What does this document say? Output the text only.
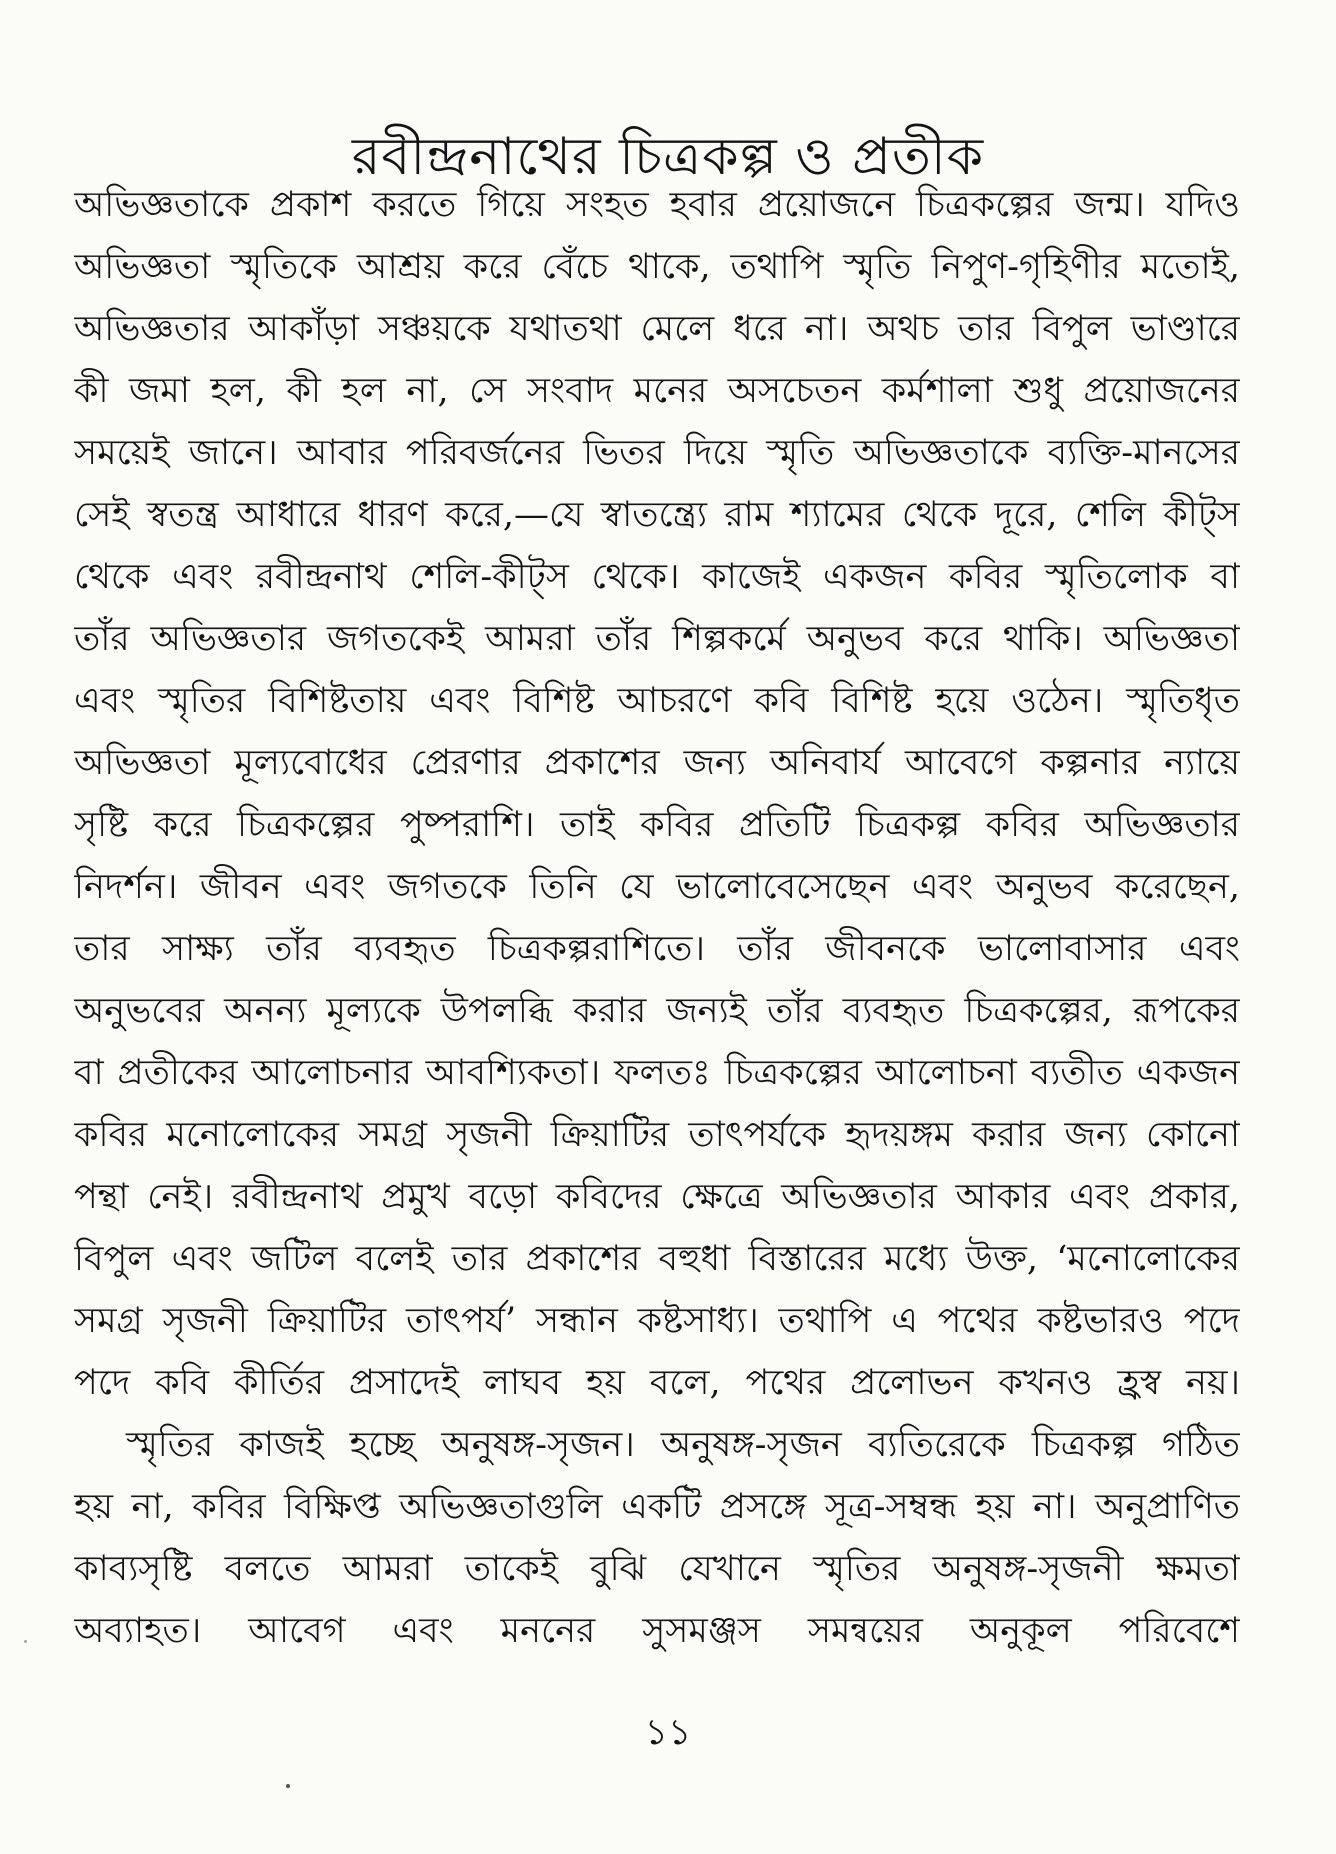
রবীন্দ্রনাথের চিত্রকল্প ও প্রতীক
অভিজ্ঞতাকে প্রকাশ করতে গিয়ে সংহত হবার প্রয়োজনে চিত্রকল্পের জন্ম। যদিও
অভিজ্ঞতা স্মৃতিকে আশ্রয় করে বেঁচে থাকে, তথাপি স্মৃতি নিপুণ-গৃহিণীর মতোই,
অভিজ্ঞতার আকাঁড়া সঞ্চয়কে যথাতথা মেলে ধরে না। অথচ তার বিপুল ভাণ্ডারে
কী জমা হল, কী হল না, সে সংবাদ মনের অসচেতন কর্মশালা শুধু প্রয়োজনের
সময়েই জানে। আবার পরিবর্জনের ভিতর দিয়ে স্মৃতি অভিজ্ঞতাকে ব্যক্তি-মানসের
সেই স্বতন্ত্র আধারে ধারণ করে,—যে স্বাতন্ত্র্যে রাম শ্যামের থেকে দূরে, শেলি কীট্‌স
থেকে এবং রবীন্দ্রনাথ শেলি-কীট্‌স থেকে। কাজেই একজন কবির স্মৃতিলোক বা
তাঁর অভিজ্ঞতার জগতকেই আমরা তাঁর শিল্পকর্মে অনুভব করে থাকি। অভিজ্ঞতা
এবং স্মৃতির বিশিষ্টতায় এবং বিশিষ্ট আচরণে কবি বিশিষ্ট হয়ে ওঠেন। স্মৃতিধৃত
অভিজ্ঞতা মূল্যবোধের প্রেরণার প্রকাশের জন্য অনিবার্য আবেগে কল্পনার ন্যায়ে
সৃষ্টি করে চিত্রকল্পের পুষ্পরাশি। তাই কবির প্রতিটি চিত্রকল্প কবির অভিজ্ঞতার
নিদর্শন। জীবন এবং জগতকে তিনি যে ভালোবেসেছেন এবং অনুভব করেছেন,
তার সাক্ষ্য তাঁর ব্যবহৃত চিত্রকল্পরাশিতে। তাঁর জীবনকে ভালোবাসার এবং
অনুভবের অনন্য মূল্যকে উপলব্ধি করার জন্যই তাঁর ব্যবহৃত চিত্রকল্পের, রূপকের
বা প্রতীকের আলোচনার আবশ্যিকতা। ফলতঃ চিত্রকল্পের আলোচনা ব্যতীত একজন
কবির মনোলোকের সমগ্র সৃজনী ক্রিয়াটির তাৎপর্যকে হৃদয়ঙ্গম করার জন্য কোনো
পন্থা নেই। রবীন্দ্রনাথ প্রমুখ বড়ো কবিদের ক্ষেত্রে অভিজ্ঞতার আকার এবং প্রকার,
বিপুল এবং জটিল বলেই তার প্রকাশের বহুধা বিস্তারের মধ্যে উক্ত, ‘মনোলোকের
সমগ্র সৃজনী ক্রিয়াটির তাৎপর্য’ সন্ধান কষ্টসাধ্য। তথাপি এ পথের কষ্টভারও পদে
পদে কবি কীর্তির প্রসাদেই লাঘব হয় বলে, পথের প্রলোভন কখনও হ্রস্ব নয়।
স্মৃতির কাজই হচ্ছে অনুষঙ্গ-সৃজন। অনুষঙ্গ-সৃজন ব্যতিরেকে চিত্রকল্প গঠিত
হয় না, কবির বিক্ষিপ্ত অভিজ্ঞতাগুলি একটি প্রসঙ্গে সূত্র-সম্বন্ধ হয় না। অনুপ্রাণিত
কাব্যসৃষ্টি বলতে আমরা তাকেই বুঝি যেখানে স্মৃতির অনুষঙ্গ-সৃজনী ক্ষমতা
অব্যাহত। আবেগ এবং মননের সুসমঞ্জস সমন্বয়ের অনুকূল পরিবেশে
১১
